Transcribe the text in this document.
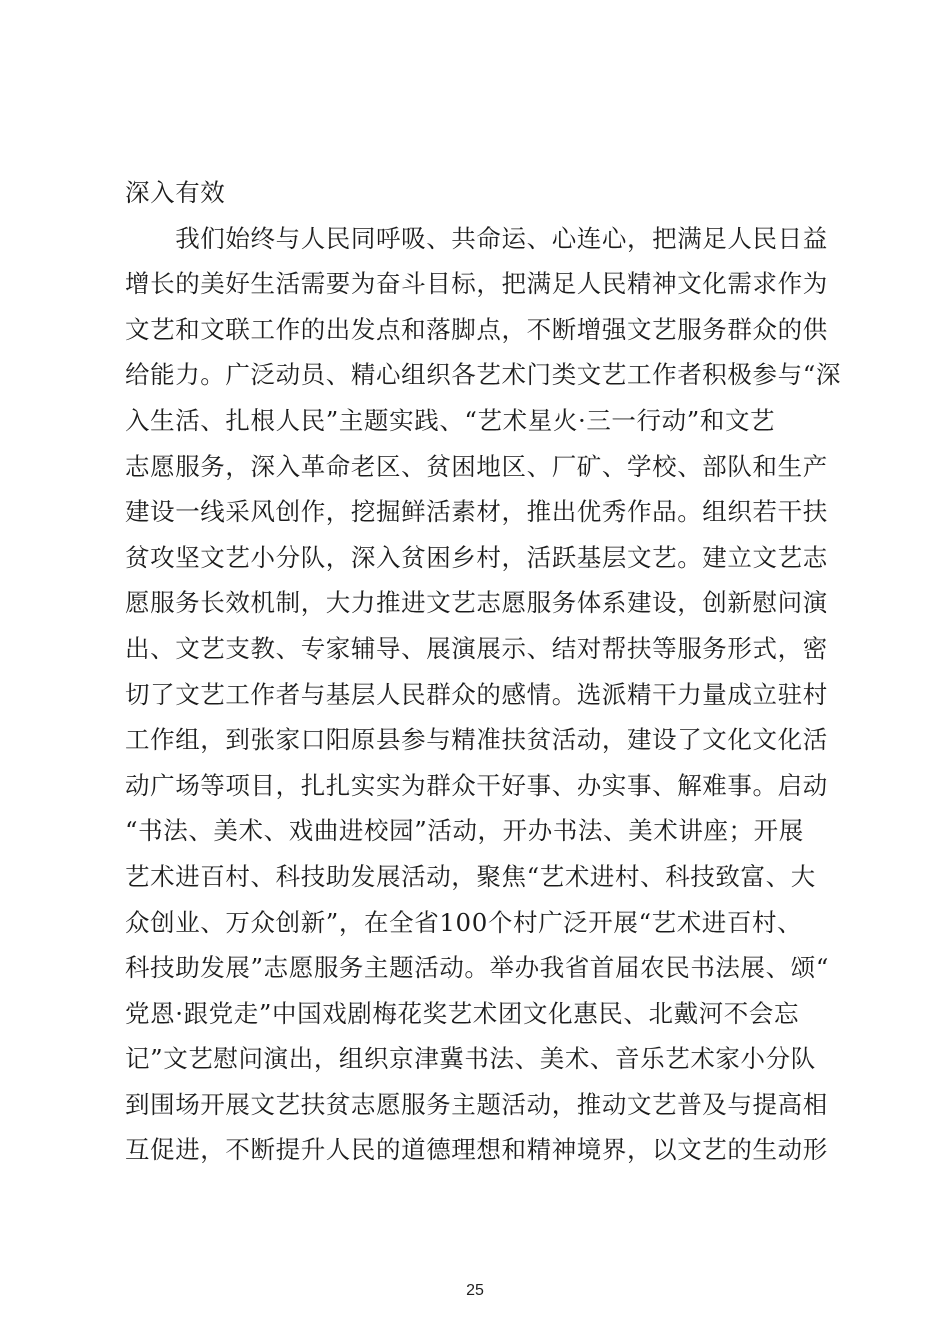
深入有效
　　我们始终与人民同呼吸、共命运、心连心，把满足人民日益
增长的美好生活需要为奋斗目标，把满足人民精神文化需求作为
文艺和文联工作的出发点和落脚点，不断增强文艺服务群众的供
给能力。广泛动员、精心组织各艺术门类文艺工作者积极参与“深
入生活、扎根人民”主题实践、“艺术星火·三一行动”和文艺
志愿服务，深入革命老区、贫困地区、厂矿、学校、部队和生产
建设一线采风创作，挖掘鲜活素材，推出优秀作品。组织若干扶
贫攻坚文艺小分队，深入贫困乡村，活跃基层文艺。建立文艺志
愿服务长效机制，大力推进文艺志愿服务体系建设，创新慰问演
出、文艺支教、专家辅导、展演展示、结对帮扶等服务形式，密
切了文艺工作者与基层人民群众的感情。选派精干力量成立驻村
工作组，到张家口阳原县参与精准扶贫活动，建设了文化文化活
动广场等项目，扎扎实实为群众干好事、办实事、解难事。启动
“书法、美术、戏曲进校园”活动，开办书法、美术讲座；开展
艺术进百村、科技助发展活动，聚焦“艺术进村、科技致富、大
众创业、万众创新”，在全省100个村广泛开展“艺术进百村、
科技助发展”志愿服务主题活动。举办我省首届农民书法展、颂“
党恩·跟党走”中国戏剧梅花奖艺术团文化惠民、北戴河不会忘
记”文艺慰问演出，组织京津冀书法、美术、音乐艺术家小分队
到围场开展文艺扶贫志愿服务主题活动，推动文艺普及与提高相
互促进，不断提升人民的道德理想和精神境界，以文艺的生动形
25
